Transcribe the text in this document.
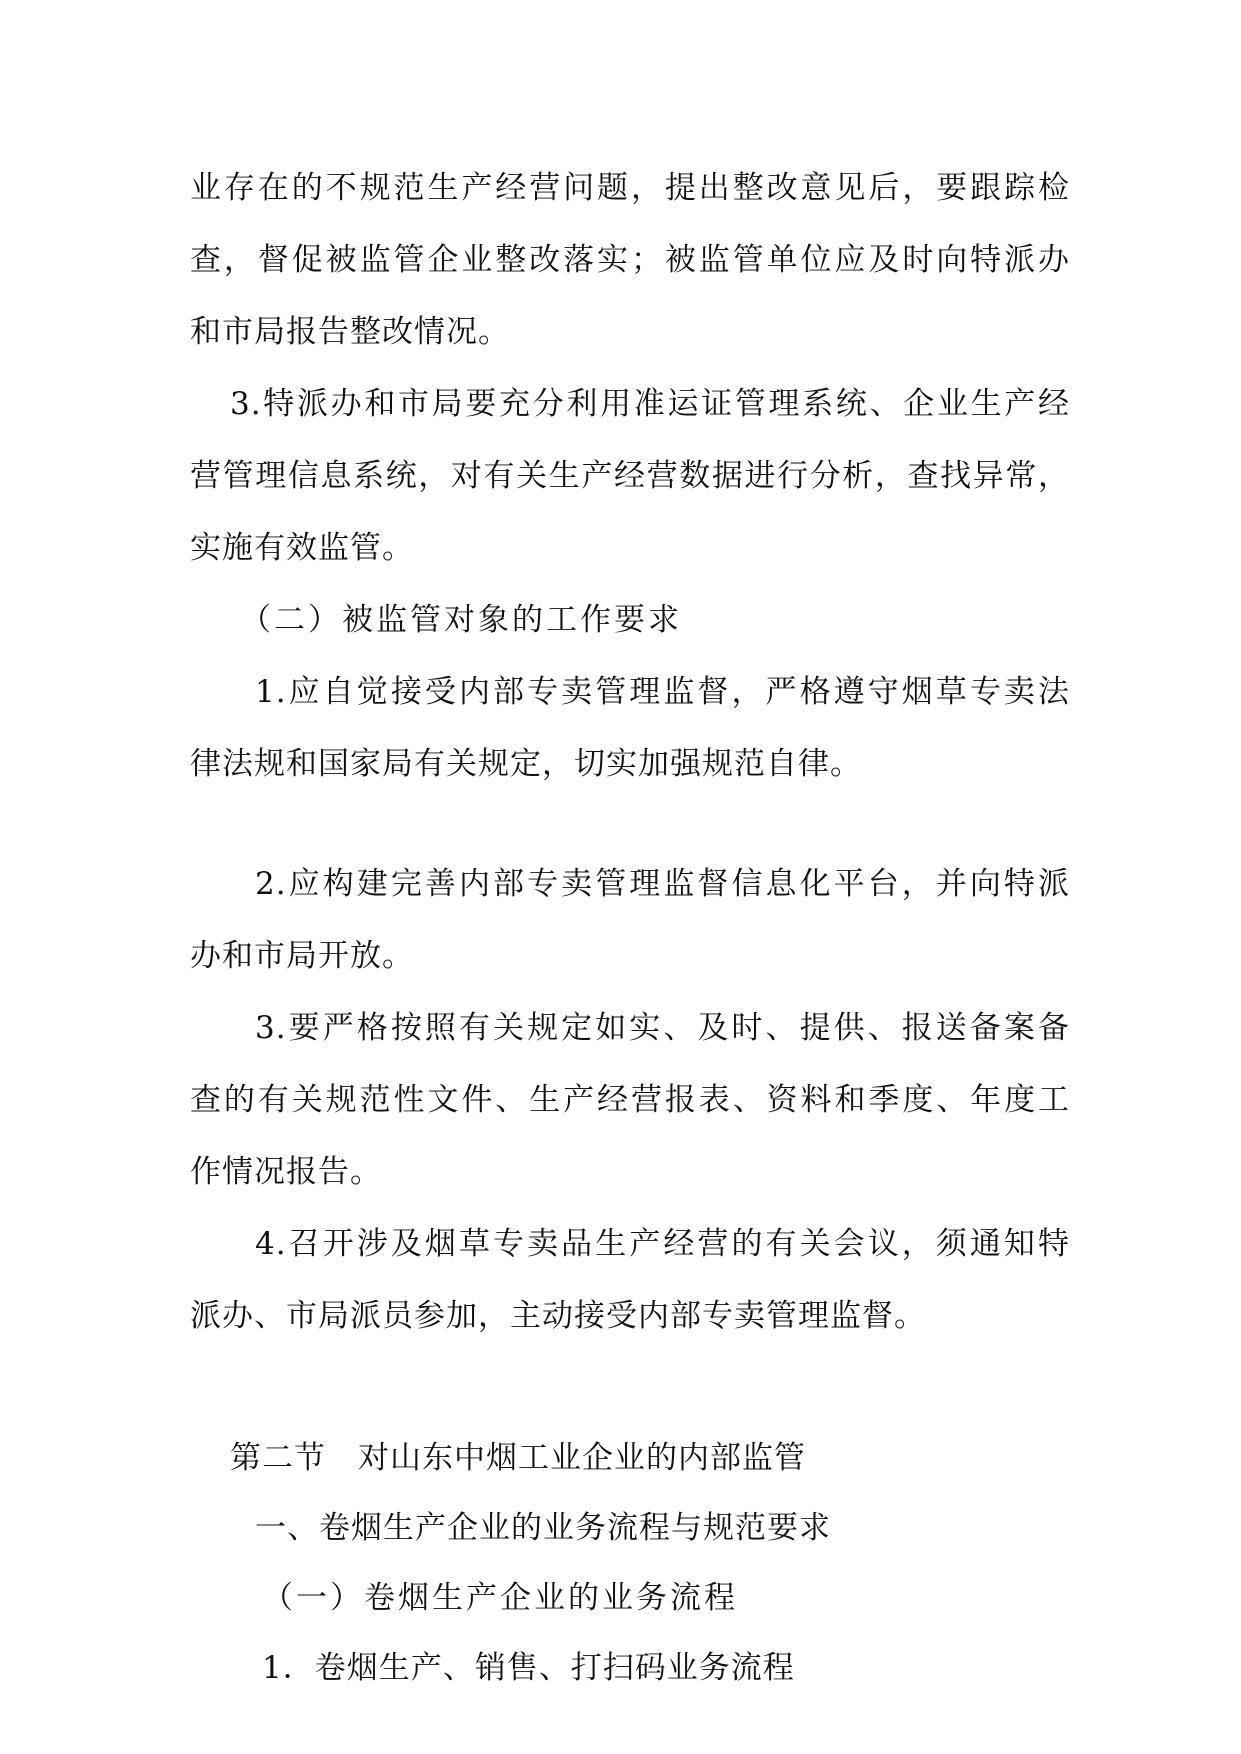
业存在的不规范生产经营问题，提出整改意见后，要跟踪检
查，督促被监管企业整改落实；被监管单位应及时向特派办
和市局报告整改情况。
3.特派办和市局要充分利用准运证管理系统、企业生产经
营管理信息系统，对有关生产经营数据进行分析，查找异常，
实施有效监管。
（二）被监管对象的工作要求
1.应自觉接受内部专卖管理监督，严格遵守烟草专卖法
律法规和国家局有关规定，切实加强规范自律。
2.应构建完善内部专卖管理监督信息化平台，并向特派
办和市局开放。
3.要严格按照有关规定如实、及时、提供、报送备案备
查的有关规范性文件、生产经营报表、资料和季度、年度工
作情况报告。
4.召开涉及烟草专卖品生产经营的有关会议，须通知特
派办、市局派员参加，主动接受内部专卖管理监督。
第二节　对山东中烟工业企业的内部监管
一、卷烟生产企业的业务流程与规范要求
（一）卷烟生产企业的业务流程
1．卷烟生产、销售、打扫码业务流程
